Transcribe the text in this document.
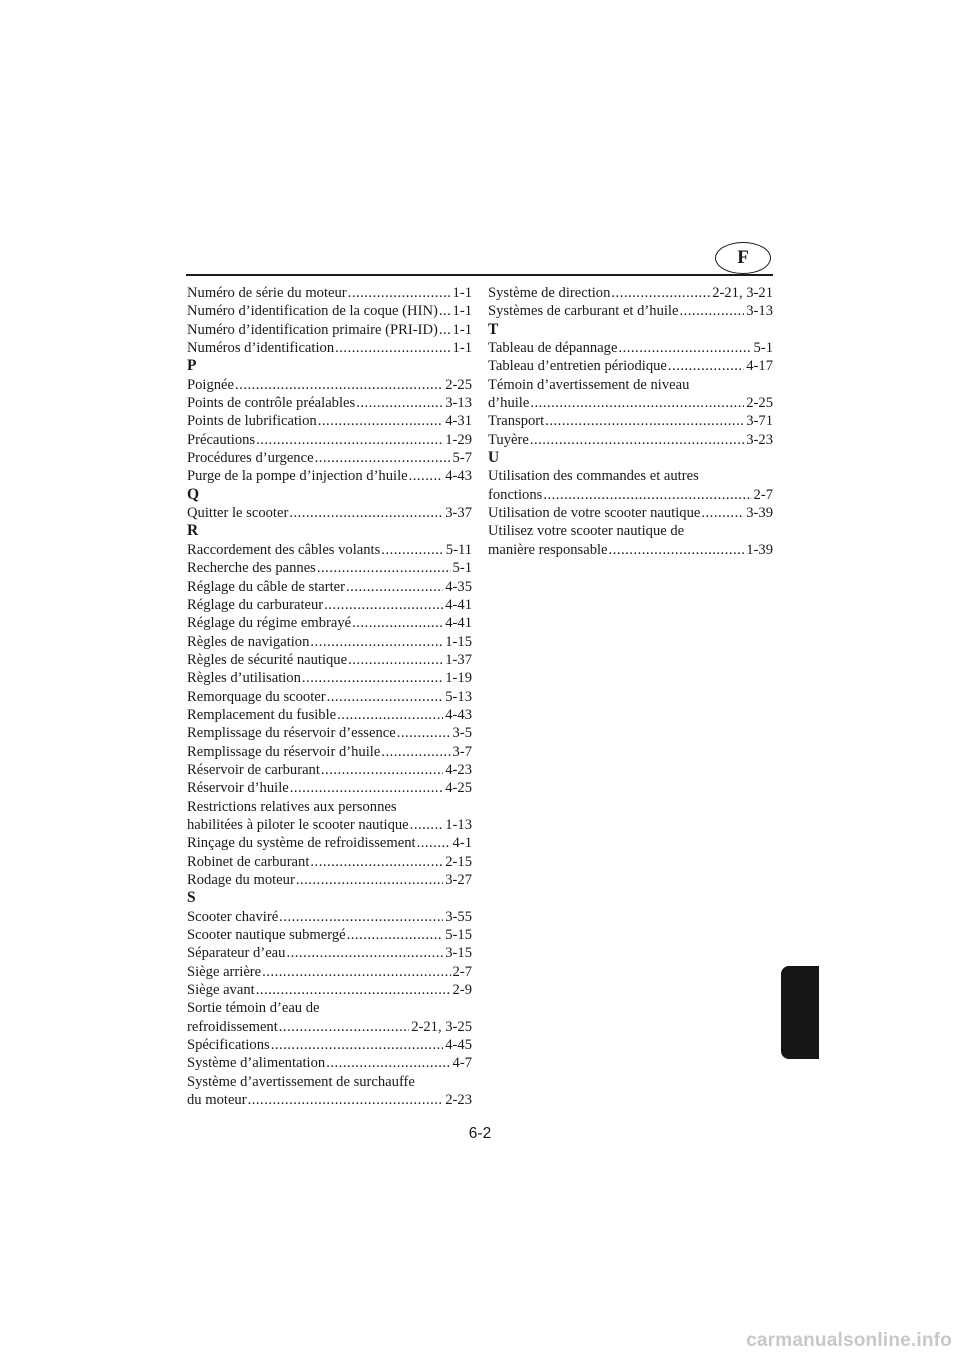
F
Numéro de série du moteur .....	1-1
Numéro d’identification de la coque (HIN) ..... 1-1
Numéro d’identification primaire (PRI-ID) ..... 1-1
Numéros d’identification .....	1-1
P
Poignée .....	2-25
Points de contrôle préalables .....	3-13
Points de lubrification .....	4-31
Précautions .....	1-29
Procédures d’urgence .....	5-7
Purge de la pompe d’injection d’huile .....	4-43
Q
Quitter le scooter .....	3-37
R
Raccordement des câbles volants .....	5-11
Recherche des pannes .....	5-1
Réglage du câble de starter .....	4-35
Réglage du carburateur .....	4-41
Réglage du régime embrayé .....	4-41
Règles de navigation .....	1-15
Règles de sécurité nautique .....	1-37
Règles d’utilisation .....	1-19
Remorquage du scooter .....	5-13
Remplacement du fusible .....	4-43
Remplissage du réservoir d’essence .....	3-5
Remplissage du réservoir d’huile .....	3-7
Réservoir de carburant .....	4-23
Réservoir d’huile .....	4-25
Restrictions relatives aux personnes
habilitées à piloter le scooter nautique .....	1-13
Rinçage du système de refroidissement .....	4-1
Robinet de carburant .....	2-15
Rodage du moteur .....	3-27
S
Scooter chaviré .....	3-55
Scooter nautique submergé .....	5-15
Séparateur d’eau .....	3-15
Siège arrière .....	2-7
Siège avant .....	2-9
Sortie témoin d’eau de
refroidissement .....	2-21, 3-25
Spécifications .....	4-45
Système d’alimentation .....	4-7
Système d’avertissement de surchauffe
du moteur .....	2-23
Système de direction .....	2-21, 3-21
Systèmes de carburant et d’huile .....	3-13
T
Tableau de dépannage .....	5-1
Tableau d’entretien périodique .....	4-17
Témoin d’avertissement de niveau
d’huile .....	2-25
Transport .....	3-71
Tuyère .....	3-23
U
Utilisation des commandes et autres
fonctions .....	2-7
Utilisation de votre scooter nautique .....	3-39
Utilisez votre scooter nautique de
manière responsable .....	1-39
6-2
carmanualsonline.info
